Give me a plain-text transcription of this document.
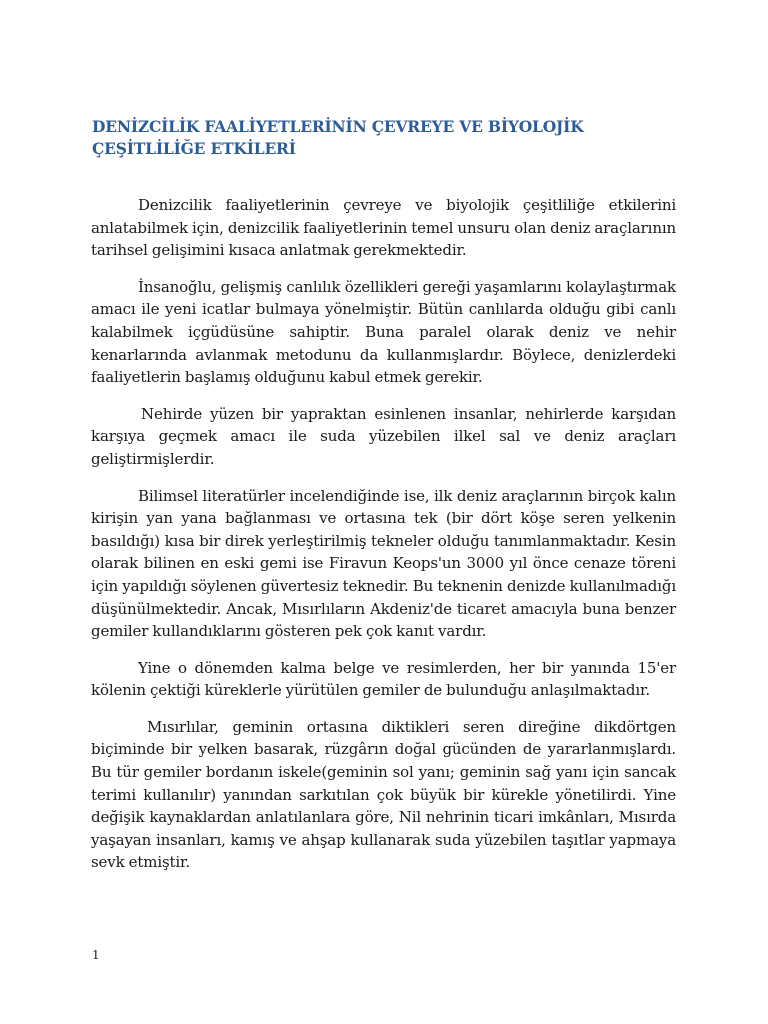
DENİZCİLİK FAALİYETLERİNİN ÇEVREYE VE BİYOLOJİK ÇEŞİTLİLİĞE ETKİLERİ

Denizcilik faaliyetlerinin çevreye ve biyolojik çeşitliliğe etkilerini anlatabilmek için, denizcilik faaliyetlerinin temel unsuru olan deniz araçlarının tarihsel gelişimini kısaca anlatmak gerekmektedir.

İnsanoğlu, gelişmiş canlılık özellikleri gereği yaşamlarını kolaylaştırmak amacı ile yeni icatlar bulmaya yönelmiştir. Bütün canlılarda olduğu gibi canlı kalabilmek içgüdüsüne sahiptir. Buna paralel olarak deniz ve nehir kenarlarında avlanmak metodunu da kullanmışlardır. Böylece, denizlerdeki faaliyetlerin başlamış olduğunu kabul etmek gerekir.

Nehirde yüzen bir yapraktan esinlenen insanlar, nehirlerde karşıdan karşıya geçmek amacı ile suda yüzebilen ilkel sal ve deniz araçları geliştirmişlerdir.

Bilimsel literatürler incelendiğinde ise, ilk deniz araçlarının birçok kalın kirişin yan yana bağlanması ve ortasına tek (bir dört köşe seren yelkenin basıldığı) kısa bir direk yerleştirilmiş tekneler olduğu tanımlanmaktadır. Kesin olarak bilinen en eski gemi ise Firavun Keops'un 3000 yıl önce cenaze töreni için yapıldığı söylenen güvertesiz teknedir. Bu teknenin denizde kullanılmadığı düşünülmektedir. Ancak, Mısırlıların Akdeniz'de ticaret amacıyla buna benzer gemiler kullandıklarını gösteren pek çok kanıt vardır.

Yine o dönemden kalma belge ve resimlerden, her bir yanında 15'er kölenin çektiği küreklerle yürütülen gemiler de bulunduğu anlaşılmaktadır.

Mısırlılar, geminin ortasına diktikleri seren direğine dikdörtgen biçiminde bir yelken basarak, rüzgârın doğal gücünden de yararlanmışlardı. Bu tür gemiler bordanın iskele(geminin sol yanı; geminin sağ yanı için sancak terimi kullanılır) yanından sarkıtılan çok büyük bir kürekle yönetilirdi. Yine değişik kaynaklardan anlatılanlara göre, Nil nehrinin ticari imkânları, Mısırda yaşayan insanları, kamış ve ahşap kullanarak suda yüzebilen taşıtlar yapmaya sevk etmiştir.

1
